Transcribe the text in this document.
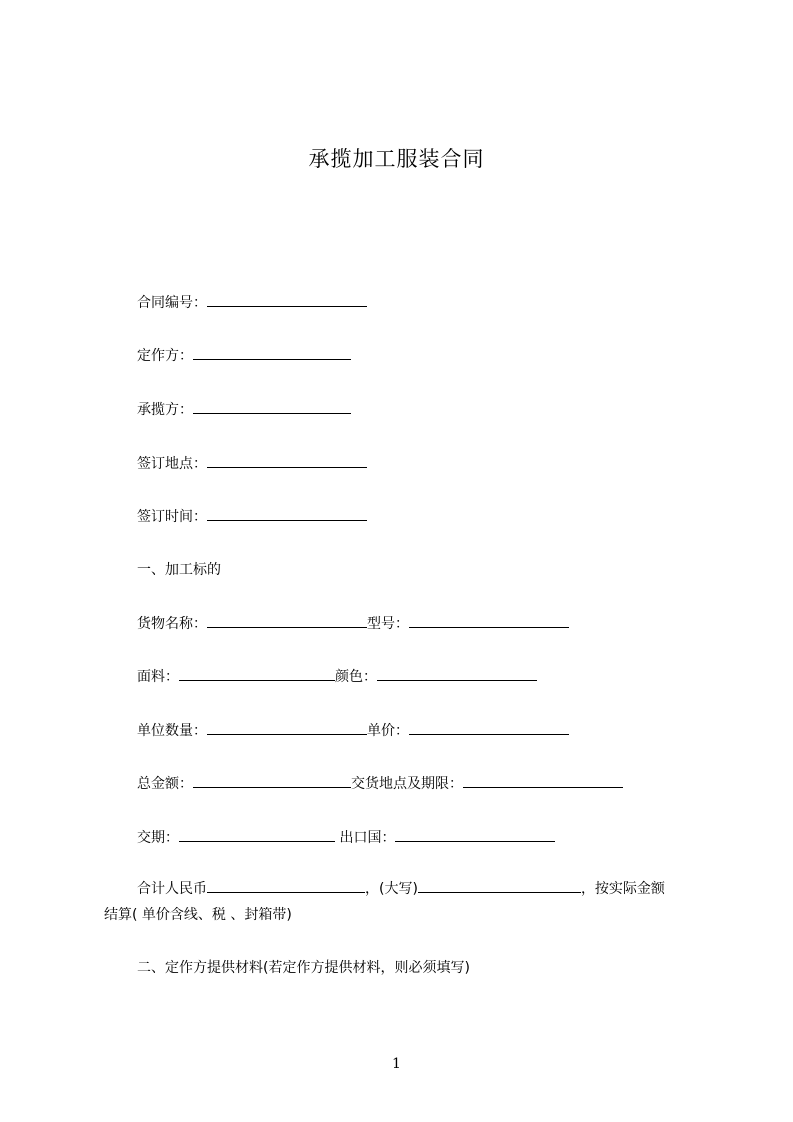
承揽加工服装合同
合同编号：
定作方：
承揽方：
签订地点：
签订时间：
一、加工标的
货物名称：	型号：
面料：	颜色：
单位数量：	单价：
总金额：	交货地点及期限：
交期：	出口国：
合计人民币	，(大写)	，按实际金额
结算( 单价含线、税 、封箱带)
二、定作方提供材料(若定作方提供材料，则必须填写)
1
